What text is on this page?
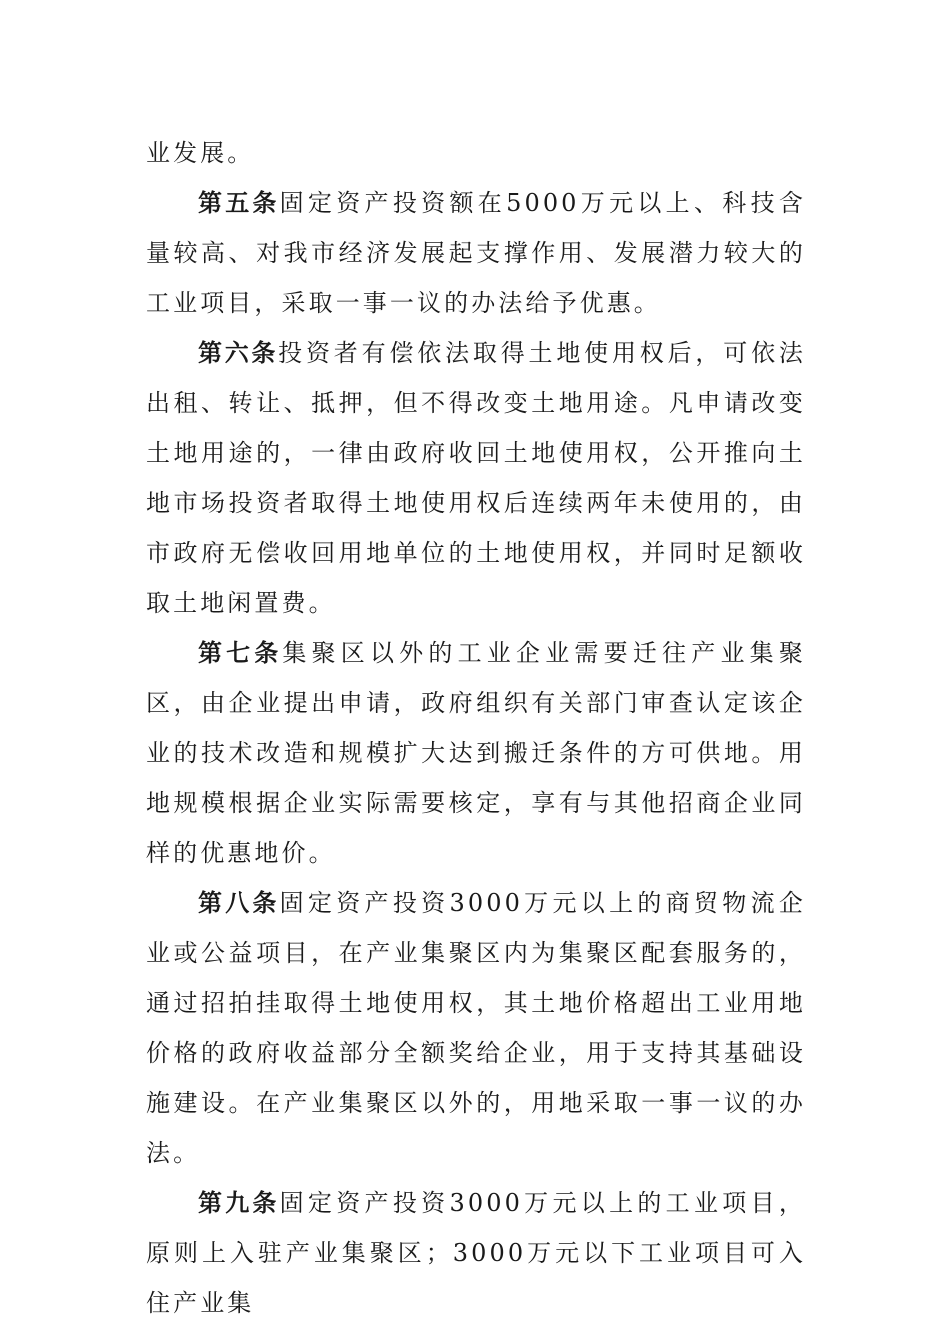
业发展。

第五条固定资产投资额在5000万元以上、科技含量较高、对我市经济发展起支撑作用、发展潜力较大的工业项目，采取一事一议的办法给予优惠。

第六条投资者有偿依法取得土地使用权后，可依法出租、转让、抵押，但不得改变土地用途。凡申请改变土地用途的，一律由政府收回土地使用权，公开推向土地市场投资者取得土地使用权后连续两年未使用的，由市政府无偿收回用地单位的土地使用权，并同时足额收取土地闲置费。

第七条集聚区以外的工业企业需要迁往产业集聚区，由企业提出申请，政府组织有关部门审查认定该企业的技术改造和规模扩大达到搬迁条件的方可供地。用地规模根据企业实际需要核定，享有与其他招商企业同样的优惠地价。

第八条固定资产投资3000万元以上的商贸物流企业或公益项目，在产业集聚区内为集聚区配套服务的，通过招拍挂取得土地使用权，其土地价格超出工业用地价格的政府收益部分全额奖给企业，用于支持其基础设施建设。在产业集聚区以外的，用地采取一事一议的办法。

第九条固定资产投资3000万元以上的工业项目，原则上入驻产业集聚区；3000万元以下工业项目可入住产业集
